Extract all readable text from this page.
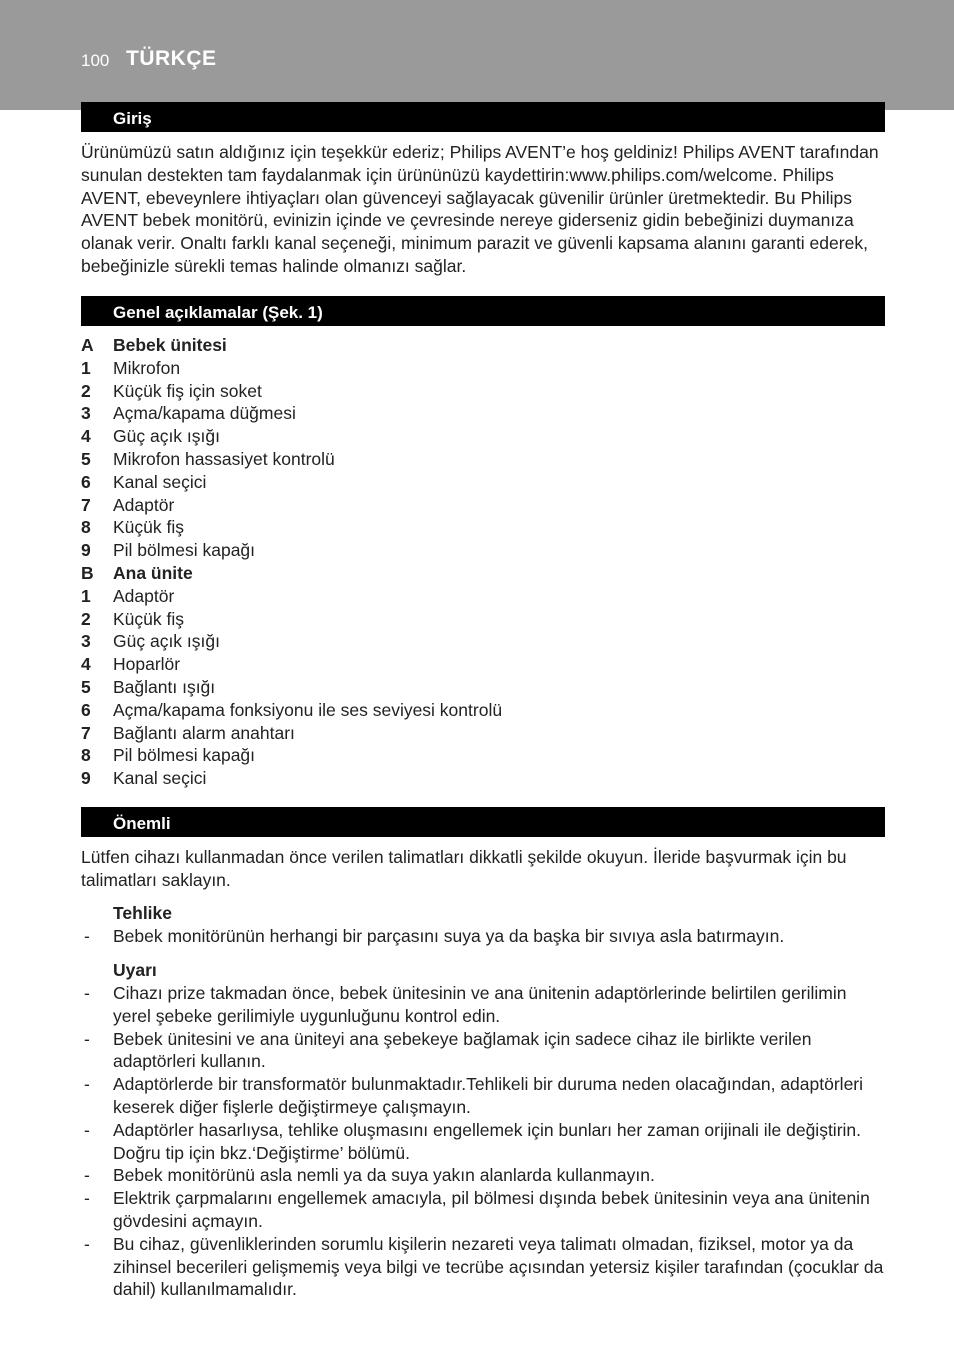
100 TÜRKÇE
Giriş

Ürünümüzü satın aldığınız için teşekkür ederiz; Philips AVENT’e hoş geldiniz! Philips AVENT tarafından sunulan destekten tam faydalanmak için ürününüzü kaydettirin:www.philips.com/welcome. Philips AVENT, ebeveynlere ihtiyaçları olan güvenceyi sağlayacak güvenilir ürünler üretmektedir. Bu Philips AVENT bebek monitörü, evinizin içinde ve çevresinde nereye giderseniz gidin bebeğinizi duymanıza olanak verir. Onaltı farklı kanal seçeneği, minimum parazit ve güvenli kapsama alanını garanti ederek, bebeğinizle sürekli temas halinde olmanızı sağlar.

Genel açıklamalar (Şek. 1)
A Bebek ünitesi
1 Mikrofon
2 Küçük fiş için soket
3 Açma/kapama düğmesi
4 Güç açık ışığı
5 Mikrofon hassasiyet kontrolü
6 Kanal seçici
7 Adaptör
8 Küçük fiş
9 Pil bölmesi kapağı
B Ana ünite
1 Adaptör
2 Küçük fiş
3 Güç açık ışığı
4 Hoparlör
5 Bağlantı ışığı
6 Açma/kapama fonksiyonu ile ses seviyesi kontrolü
7 Bağlantı alarm anahtarı
8 Pil bölmesi kapağı
9 Kanal seçici
Önemli

Lütfen cihazı kullanmadan önce verilen talimatları dikkatli şekilde okuyun. İleride başvurmak için bu talimatları saklayın.

Tehlike
- Bebek monitörünün herhangi bir parçasını suya ya da başka bir sıvıya asla batırmayın.
Uyarı
- Cihazı prize takmadan önce, bebek ünitesinin ve ana ünitenin adaptörlerinde belirtilen gerilimin yerel şebeke gerilimiyle uygunluğunu kontrol edin.
- Bebek ünitesini ve ana üniteyi ana şebekeye bağlamak için sadece cihaz ile birlikte verilen adaptörleri kullanın.
- Adaptörlerde bir transformatör bulunmaktadır.Tehlikeli bir duruma neden olacağından, adaptörleri keserek diğer fişlerle değiştirmeye çalışmayın.
- Adaptörler hasarlıysa, tehlike oluşmasını engellemek için bunları her zaman orijinali ile değiştirin. Doğru tip için bkz.‘Değiştirme’ bölümü.
- Bebek monitörünü asla nemli ya da suya yakın alanlarda kullanmayın.
- Elektrik çarpmalarını engellemek amacıyla, pil bölmesi dışında bebek ünitesinin veya ana ünitenin gövdesini açmayın.
- Bu cihaz, güvenliklerinden sorumlu kişilerin nezareti veya talimatı olmadan, fiziksel, motor ya da zihinsel becerileri gelişmemiş veya bilgi ve tecrübe açısından yetersiz kişiler tarafından (çocuklar da dahil) kullanılmamalıdır.
